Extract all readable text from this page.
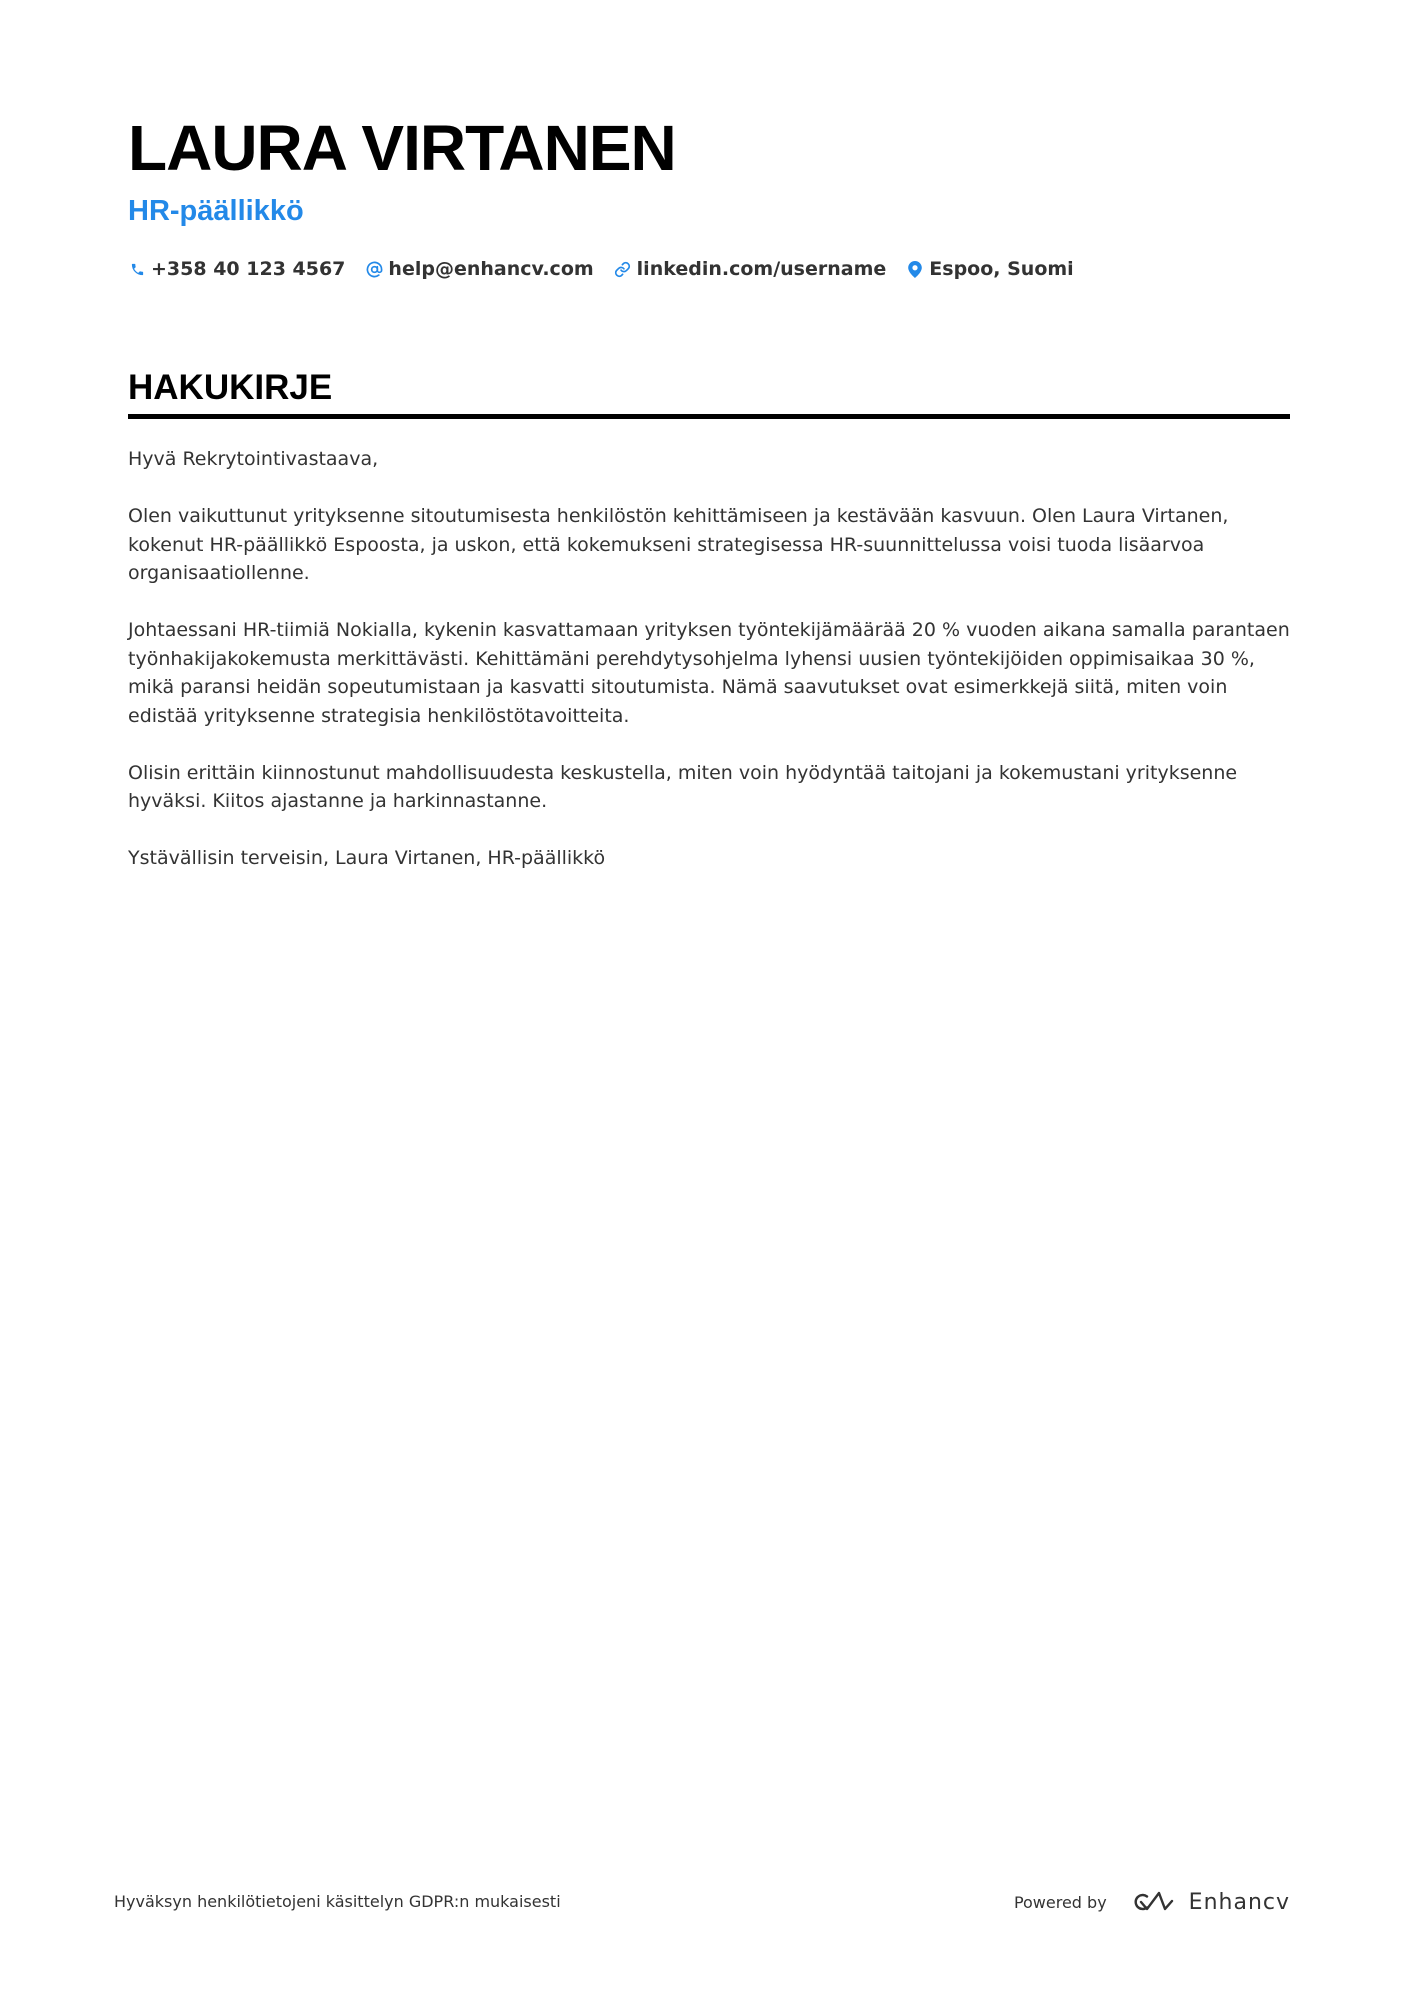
LAURA VIRTANEN
HR-päällikkö
+358 40 123 4567 help@enhancv.com linkedin.com/username Espoo, Suomi
HAKUKIRJE

Hyvä Rekrytointivastaava,

Olen vaikuttunut yrityksenne sitoutumisesta henkilöstön kehittämiseen ja kestävään kasvuun. Olen Laura Virtanen, kokenut HR-päällikkö Espoosta, ja uskon, että kokemukseni strategisessa HR-suunnittelussa voisi tuoda lisäarvoa organisaatiollenne.

Johtaessani HR-tiimiä Nokialla, kykenin kasvattamaan yrityksen työntekijämäärää 20 % vuoden aikana samalla parantaen työnhakijakokemusta merkittävästi. Kehittämäni perehdytysohjelma lyhensi uusien työntekijöiden oppimisaikaa 30 %, mikä paransi heidän sopeutumistaan ja kasvatti sitoutumista. Nämä saavutukset ovat esimerkkejä siitä, miten voin edistää yrityksenne strategisia henkilöstötavoitteita.

Olisin erittäin kiinnostunut mahdollisuudesta keskustella, miten voin hyödyntää taitojani ja kokemustani yrityksenne hyväksi. Kiitos ajastanne ja harkinnastanne.

Ystävällisin terveisin, Laura Virtanen, HR-päällikkö

Hyväksyn henkilötietojeni käsittelyn GDPR:n mukaisesti	Powered by	Enhancv
